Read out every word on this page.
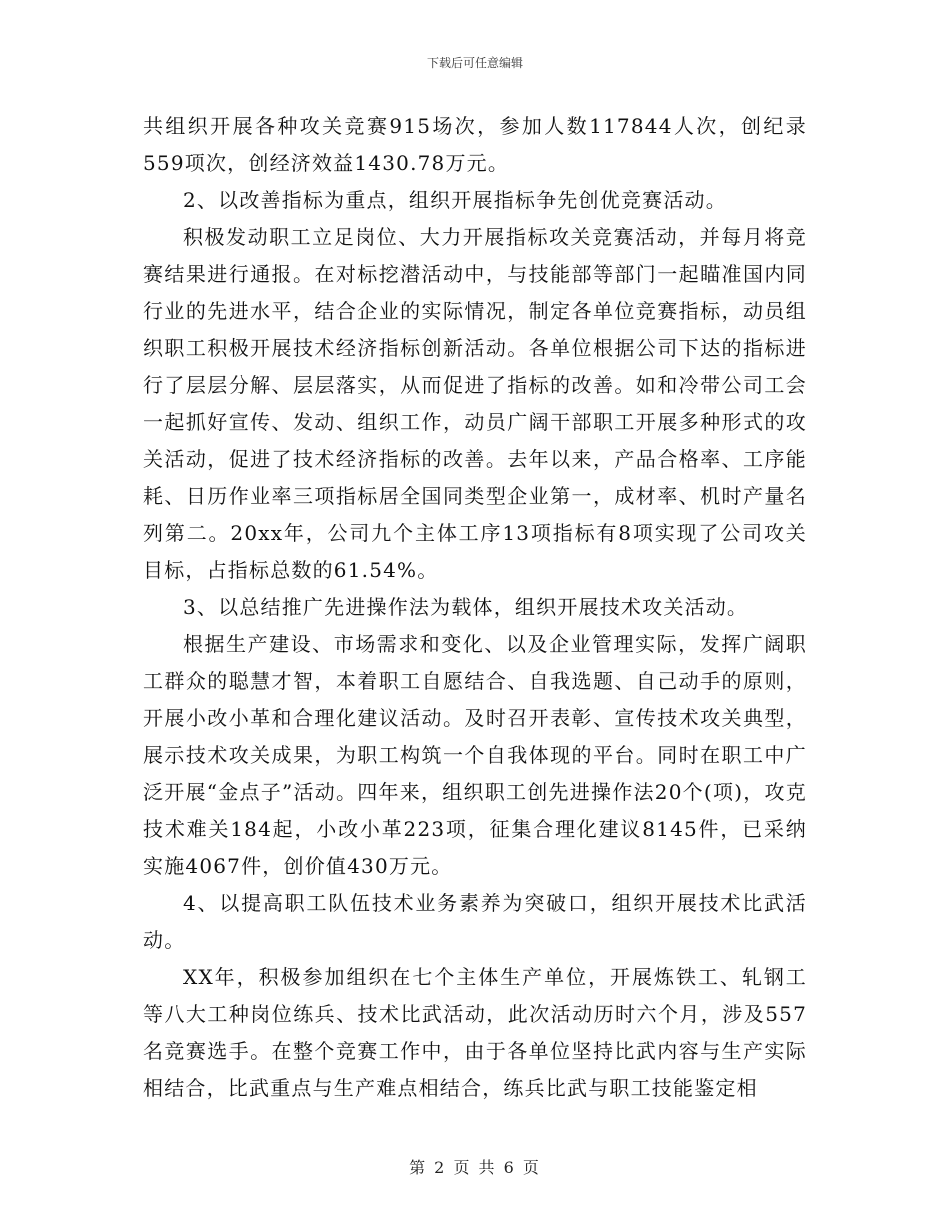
下载后可任意编辑

共组织开展各种攻关竞赛915场次，参加人数117844人次，创纪录559项次，创经济效益1430.78万元。

2、以改善指标为重点，组织开展指标争先创优竞赛活动。

积极发动职工立足岗位、大力开展指标攻关竞赛活动，并每月将竞赛结果进行通报。在对标挖潜活动中，与技能部等部门一起瞄准国内同行业的先进水平，结合企业的实际情况，制定各单位竞赛指标，动员组织职工积极开展技术经济指标创新活动。各单位根据公司下达的指标进行了层层分解、层层落实，从而促进了指标的改善。如和冷带公司工会一起抓好宣传、发动、组织工作，动员广阔干部职工开展多种形式的攻关活动，促进了技术经济指标的改善。去年以来，产品合格率、工序能耗、日历作业率三项指标居全国同类型企业第一，成材率、机时产量名列第二。20xx年，公司九个主体工序13项指标有8项实现了公司攻关目标，占指标总数的61.54%。

3、以总结推广先进操作法为载体，组织开展技术攻关活动。

根据生产建设、市场需求和变化、以及企业管理实际，发挥广阔职工群众的聪慧才智，本着职工自愿结合、自我选题、自己动手的原则，开展小改小革和合理化建议活动。及时召开表彰、宣传技术攻关典型，展示技术攻关成果，为职工构筑一个自我体现的平台。同时在职工中广泛开展“金点子”活动。四年来，组织职工创先进操作法20个(项)，攻克技术难关184起，小改小革223项，征集合理化建议8145件，已采纳实施4067件，创价值430万元。

4、以提高职工队伍技术业务素养为突破口，组织开展技术比武活动。

XX年，积极参加组织在七个主体生产单位，开展炼铁工、轧钢工等八大工种岗位练兵、技术比武活动，此次活动历时六个月，涉及557名竞赛选手。在整个竞赛工作中，由于各单位坚持比武内容与生产实际相结合，比武重点与生产难点相结合，练兵比武与职工技能鉴定相

第 2 页 共 6 页
